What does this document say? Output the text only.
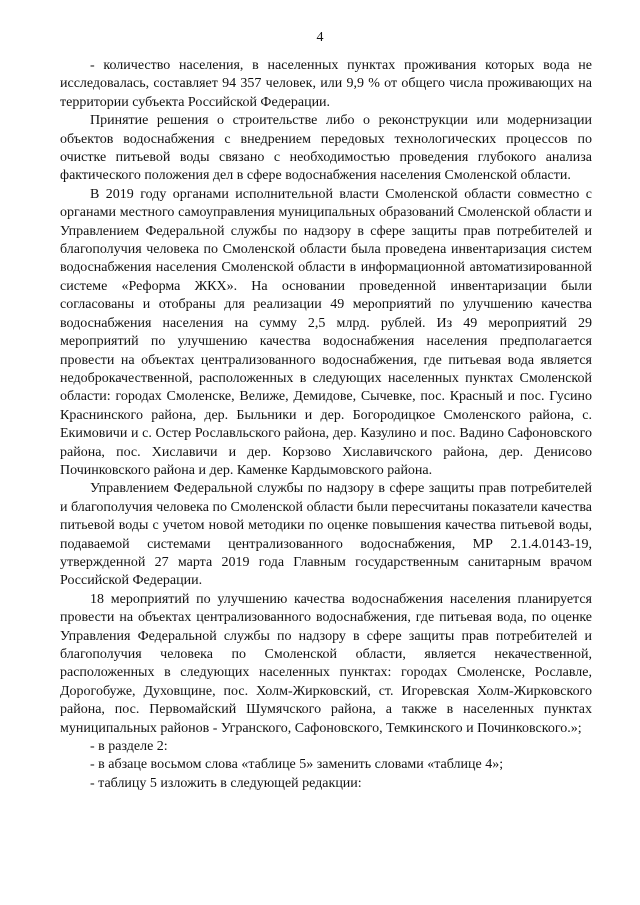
4

- количество населения, в населенных пунктах проживания которых вода не исследовалась, составляет 94 357 человек, или 9,9 % от общего числа проживающих на территории субъекта Российской Федерации.

Принятие решения о строительстве либо о реконструкции или модернизации объектов водоснабжения с внедрением передовых технологических процессов по очистке питьевой воды связано с необходимостью проведения глубокого анализа фактического положения дел в сфере водоснабжения населения Смоленской области.

В 2019 году органами исполнительной власти Смоленской области совместно с органами местного самоуправления муниципальных образований Смоленской области и Управлением Федеральной службы по надзору в сфере защиты прав потребителей и благополучия человека по Смоленской области была проведена инвентаризация систем водоснабжения населения Смоленской области в информационной автоматизированной системе «Реформа ЖКХ». На основании проведенной инвентаризации были согласованы и отобраны для реализации 49 мероприятий по улучшению качества водоснабжения населения на сумму 2,5 млрд. рублей. Из 49 мероприятий 29 мероприятий по улучшению качества водоснабжения населения предполагается провести на объектах централизованного водоснабжения, где питьевая вода является недоброкачественной, расположенных в следующих населенных пунктах Смоленской области: городах Смоленске, Велиже, Демидове, Сычевке, пос. Красный и пос. Гусино Краснинского района, дер. Быльники и дер. Богородицкое Смоленского района, с. Екимовичи и с. Остер Рославльского района, дер. Казулино и пос. Вадино Сафоновского района, пос. Хиславичи и дер. Корзово Хиславичского района, дер. Денисово Починковского района и дер. Каменке Кардымовского района.

Управлением Федеральной службы по надзору в сфере защиты прав потребителей и благополучия человека по Смоленской области были пересчитаны показатели качества питьевой воды с учетом новой методики по оценке повышения качества питьевой воды, подаваемой системами централизованного водоснабжения, МР 2.1.4.0143-19, утвержденной 27 марта 2019 года Главным государственным санитарным врачом Российской Федерации.

18 мероприятий по улучшению качества водоснабжения населения планируется провести на объектах централизованного водоснабжения, где питьевая вода, по оценке Управления Федеральной службы по надзору в сфере защиты прав потребителей и благополучия человека по Смоленской области, является некачественной, расположенных в следующих населенных пунктах: городах Смоленске, Рославле, Дорогобуже, Духовщине, пос. Холм-Жирковский, ст. Игоревская Холм-Жирковского района, пос. Первомайский Шумячского района, а также в населенных пунктах муниципальных районов - Угранского, Сафоновского, Темкинского и Починковского.»;

- в разделе 2:

- в абзаце восьмом слова «таблице 5» заменить словами «таблице 4»;

- таблицу 5 изложить в следующей редакции:
